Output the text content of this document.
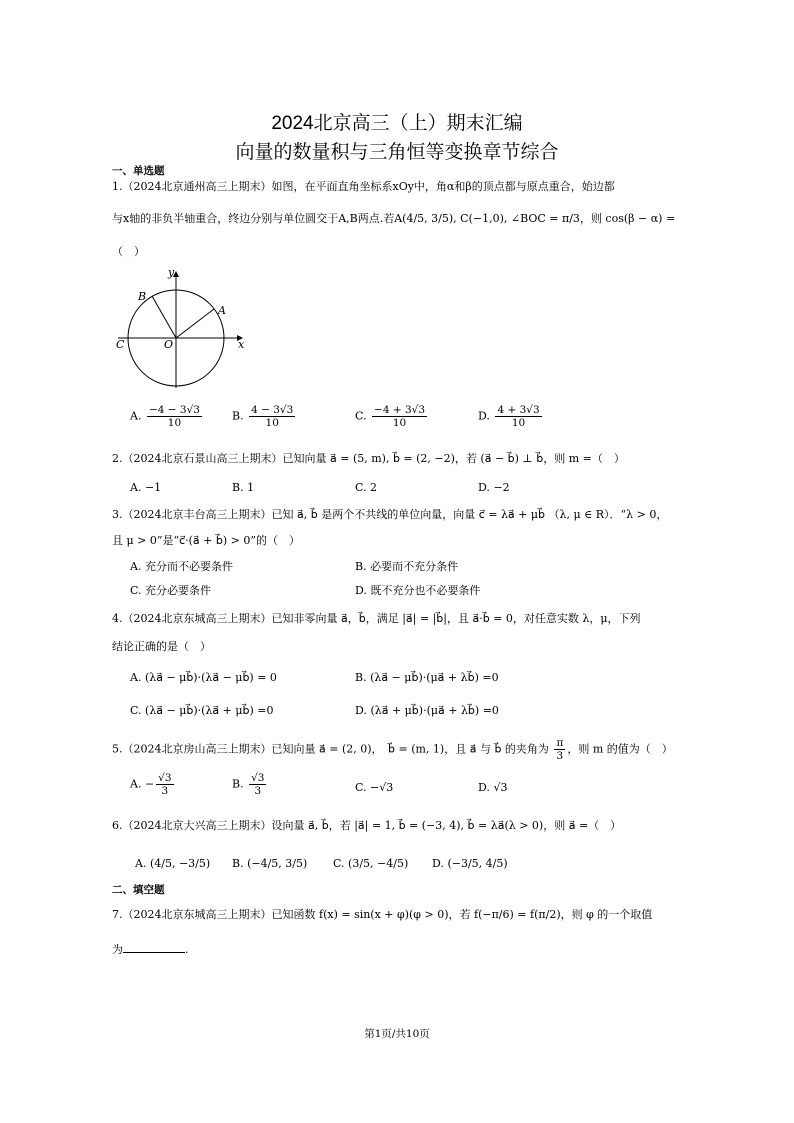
2024北京高三（上）期末汇编
向量的数量积与三角恒等变换章节综合
一、单选题
1.（2024北京通州高三上期末）如图，在平面直角坐标系xOy中，角α和β的顶点都与原点重合，始边都
与x轴的非负半轴重合，终边分别与单位圆交于A,B两点.若A(4/5, 3/5), C(−1,0), ∠BOC = π/3，则 cos(β − α) =
（　）
y
x
O
A
B
C
A. $\frac{-4 - 3√3}{10}$	B. $\frac{4 - 3√3}{10}$	C. $\frac{-4 + 3√3}{10}$	D. $\frac{4 + 3√3}{10}$
2.（2024北京石景山高三上期末）已知向量 a⃗ = (5, m), b⃗ = (2, −2)，若 (a⃗ − b⃗) ⊥ b⃗，则 m =（　）
A. −1	B. 1	C. 2	D. −2
3.（2024北京丰台高三上期末）已知 a⃗, b⃗ 是两个不共线的单位向量，向量 c⃗ = λa⃗ + μb⃗ （λ, μ ∈ R）．“λ > 0，
且 μ > 0”是“c⃗·(a⃗ + b⃗) > 0”的（　）
A. 充分而不必要条件	B. 必要而不充分条件
C. 充分必要条件	D. 既不充分也不必要条件
4.（2024北京东城高三上期末）已知非零向量 a⃗，b⃗，满足 |a⃗| = |b⃗|，且 a⃗·b⃗ = 0，对任意实数 λ，μ，下列
结论正确的是（　）
A. (λa⃗ − μb⃗)·(λa⃗ − μb⃗) = 0	B. (λa⃗ − μb⃗)·(μa⃗ + λb⃗) =0
C. (λa⃗ − μb⃗)·(λa⃗ + μb⃗) =0	D. (λa⃗ + μb⃗)·(μa⃗ + λb⃗) =0
5.（2024北京房山高三上期末）已知向量 a⃗ = (2, 0)，　b⃗ = (m, 1)，且 a⃗ 与 b⃗ 的夹角为 $\frac{\pi}{3}$ ，则 m 的值为（　）
A. − $\frac{√3}{3}$	B. $\frac{√3}{3}$	C. −√3	D. √3
6.（2024北京大兴高三上期末）设向量 a⃗, b⃗，若 |a⃗| = 1, b⃗ = (−3, 4), b⃗ = λa⃗(λ > 0)，则 a⃗ =（　）
A. (4/5, −3/5) B. (−4/5, 3/5) C. (3/5, −4/5) D. (−3/5, 4/5)
二、填空题
7.（2024北京东城高三上期末）已知函数 f(x) = sin(x + φ)(φ > 0)，若 f(−π/6) = f(π/2)，则 φ 的一个取值
为	.
第1页/共10页
